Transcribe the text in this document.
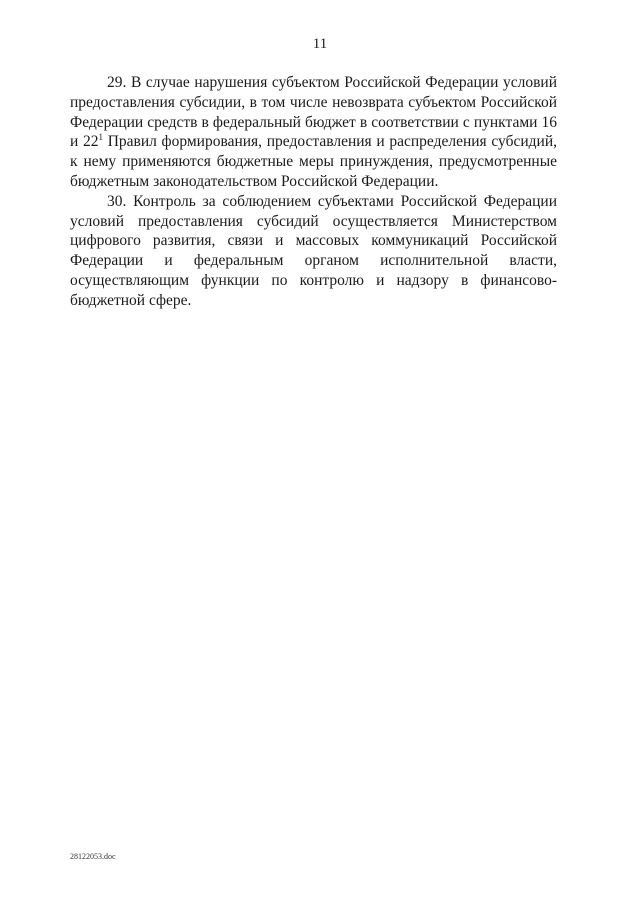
11

29. В случае нарушения субъектом Российской Федерации условий предоставления субсидии, в том числе невозврата субъектом Российской Федерации средств в федеральный бюджет в соответствии с пунктами 16 и $22^1$ Правил формирования, предоставления и распределения субсидий, к нему применяются бюджетные меры принуждения, предусмотренные бюджетным законодательством Российской Федерации.

30. Контроль за соблюдением субъектами Российской Федерации условий предоставления субсидий осуществляется Министерством цифрового развития, связи и массовых коммуникаций Российской Федерации и федеральным органом исполнительной власти, осуществляющим функции по контролю и надзору в финансово-бюджетной сфере.

28122053.doc
